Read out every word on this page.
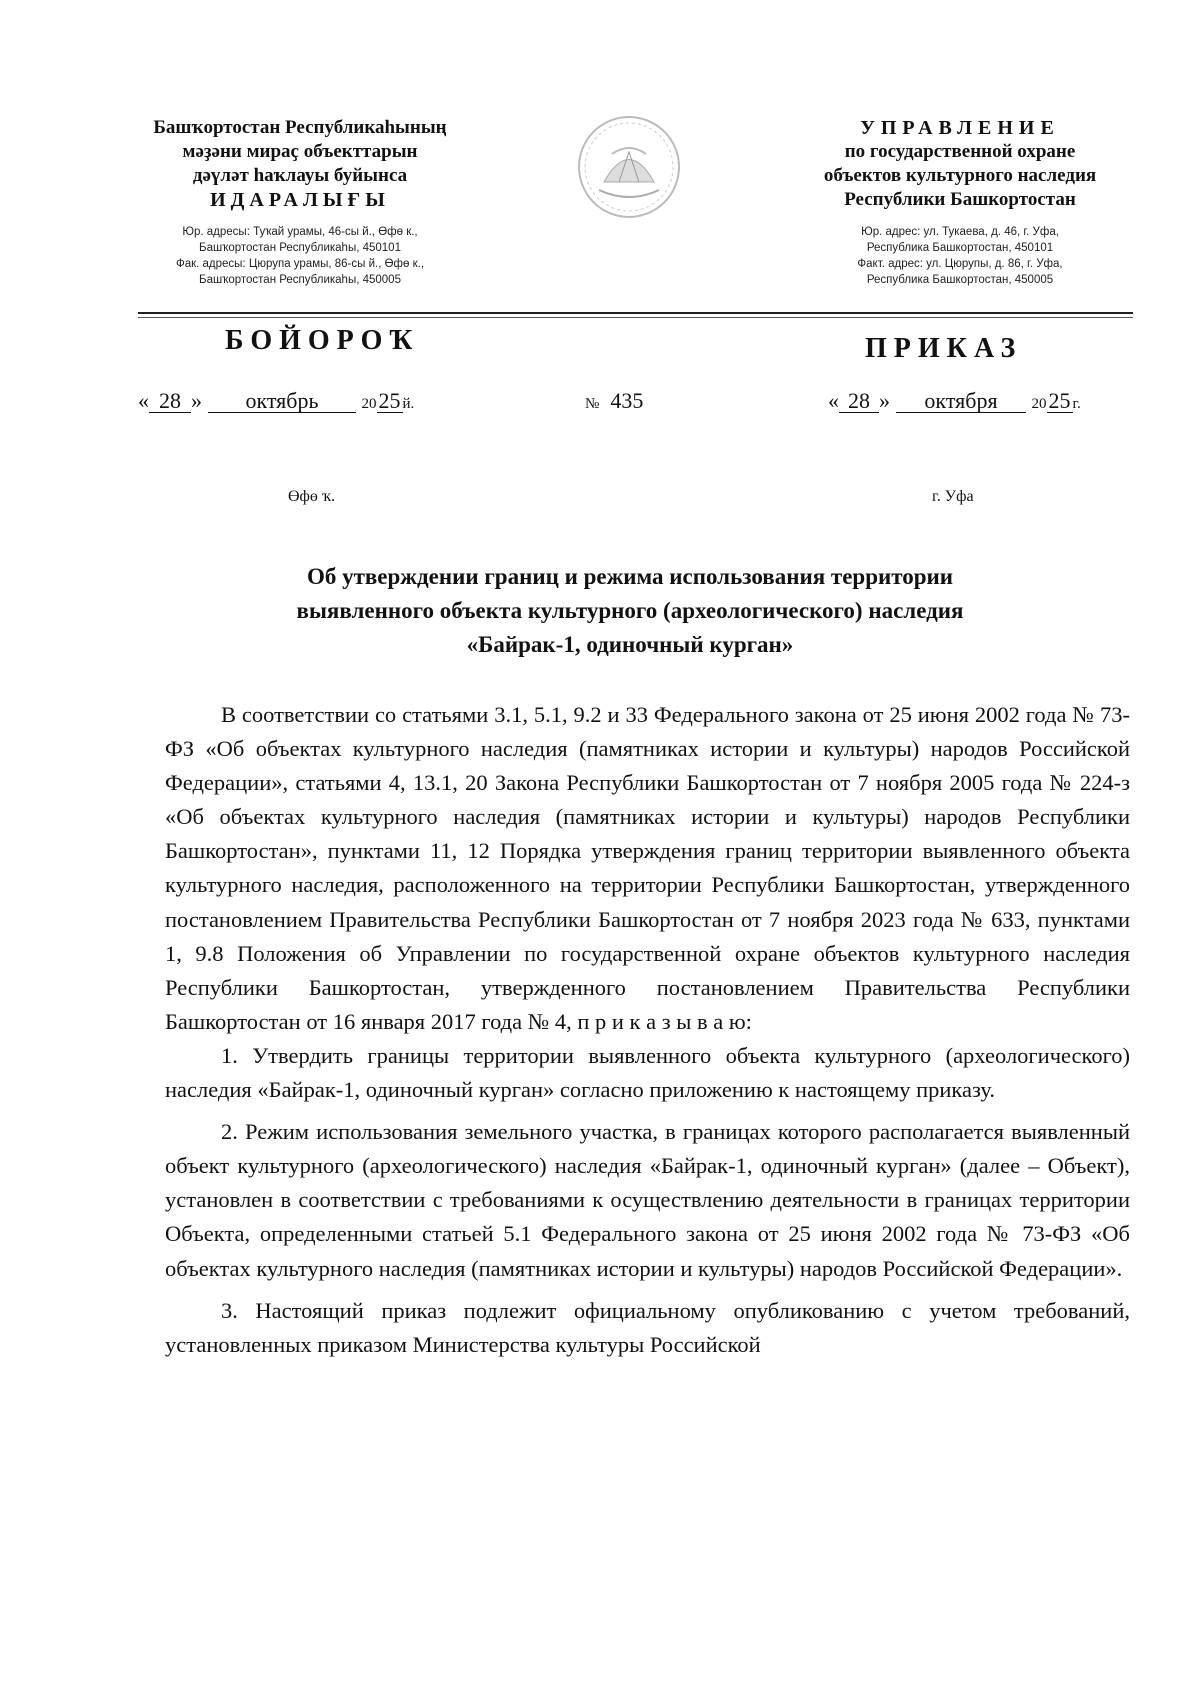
Башҡортостан Республикаһының
мәҙәни мираҫ объекттарын
дәүләт һаҡлауы буйынса
ИДАРАЛЫҒЫ
Юр. адресы: Туҡай урамы, 46-сы й., Өфө к.,
Башҡортостан Республикаһы, 450101
Фак. адресы: Цюрупа урамы, 86-сы й., Өфө к.,
Башҡортостан Республикаһы, 450005
УПРАВЛЕНИЕ
по государственной охране
объектов культурного наследия
Республики Башкортостан
Юр. адрес: ул. Тукаева, д. 46, г. Уфа,
Республика Башкортостан, 450101
Факт. адрес: ул. Цюрупы, д. 86, г. Уфа,
Республика Башкортостан, 450005
БОЙОРОҠ	ПРИКАЗ
« 28 » октябрь	2025 й.	№ 435	« 28 » октября 2025 г.
Өфө ҡ.	г. Уфа
Об утверждении границ и режима использования территории
выявленного объекта культурного (археологического) наследия
«Байрак-1, одиночный курган»

В соответствии со статьями 3.1, 5.1, 9.2 и 33 Федерального закона от 25 июня 2002 года № 73-ФЗ «Об объектах культурного наследия (памятниках истории и культуры) народов Российской Федерации», статьями 4, 13.1, 20 Закона Республики Башкортостан от 7 ноября 2005 года № 224-з «Об объектах культурного наследия (памятниках истории и культуры) народов Республики Башкортостан», пунктами 11, 12 Порядка утверждения границ территории выявленного объекта культурного наследия, расположенного на территории Республики Башкортостан, утвержденного постановлением Правительства Республики Башкортостан от 7 ноября 2023 года № 633, пунктами 1, 9.8 Положения об Управлении по государственной охране объектов культурного наследия Республики Башкортостан, утвержденного постановлением Правительства Республики Башкортостан от 16 января 2017 года № 4, п р и к а з ы в а ю:

1. Утвердить границы территории выявленного объекта культурного (археологического) наследия «Байрак-1, одиночный курган» согласно приложению к настоящему приказу.

2. Режим использования земельного участка, в границах которого располагается выявленный объект культурного (археологического) наследия «Байрак-1, одиночный курган» (далее – Объект), установлен в соответствии с требованиями к осуществлению деятельности в границах территории Объекта, определенными статьей 5.1 Федерального закона от 25 июня 2002 года № 73-ФЗ «Об объектах культурного наследия (памятниках истории и культуры) народов Российской Федерации».

3. Настоящий приказ подлежит официальному опубликованию с учетом требований, установленных приказом Министерства культуры Российской
